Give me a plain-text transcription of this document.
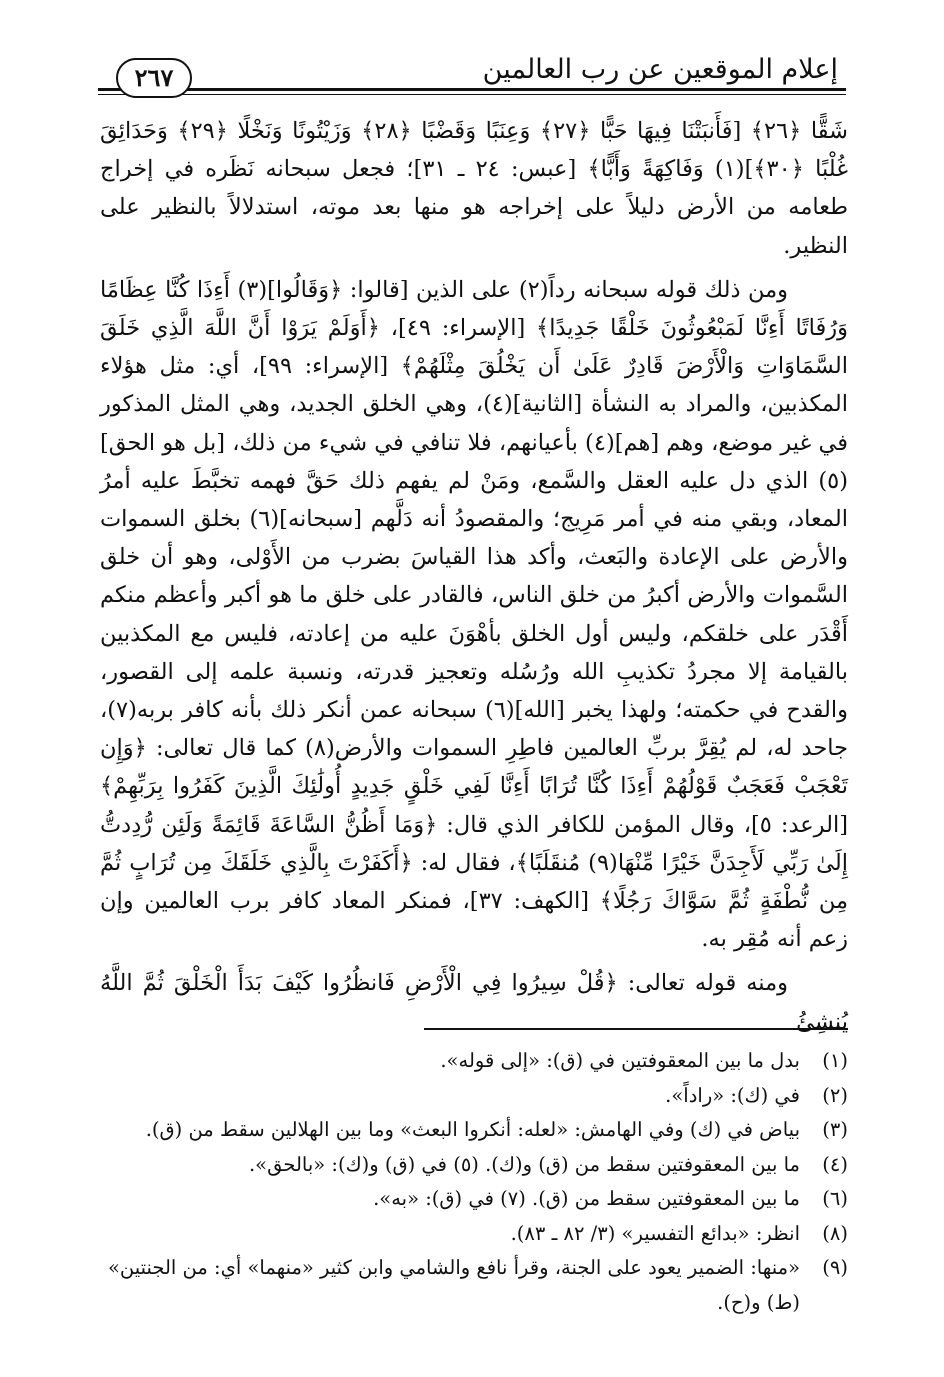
إعلام الموقعين عن رب العالمين
٢٦٧

شَقًّا ﴿٢٦﴾ [فَأَنبَتْنَا فِيهَا حَبًّا ﴿٢٧﴾ وَعِنَبًا وَقَضْبًا ﴿٢٨﴾ وَزَيْتُونًا وَنَخْلًا ﴿٢٩﴾ وَحَدَائِقَ غُلْبًا ﴿٣٠﴾](١) وَفَاكِهَةً وَأَبًّا﴾ [عبس: ٢٤ ـ ٣١]؛ فجعل سبحانه نَظَره في إخراج طعامه من الأرض دليلاً على إخراجه هو منها بعد موته، استدلالاً بالنظير على النظير.

ومن ذلك قوله سبحانه رداً(٢) على الذين [قالوا: ﴿وَقَالُوا](٣) أَءِذَا كُنَّا عِظَامًا وَرُفَاتًا أَءِنَّا لَمَبْعُوثُونَ خَلْقًا جَدِيدًا﴾ [الإسراء: ٤٩]، ﴿أَوَلَمْ يَرَوْا أَنَّ اللَّهَ الَّذِي خَلَقَ السَّمَاوَاتِ وَالْأَرْضَ قَادِرٌ عَلَىٰ أَن يَخْلُقَ مِثْلَهُمْ﴾ [الإسراء: ٩٩]، أي: مثل هؤلاء المكذبين، والمراد به النشأة [الثانية](٤)، وهي الخلق الجديد، وهي المثل المذكور في غير موضع، وهم [هم](٤) بأعيانهم، فلا تنافي في شيء من ذلك، [بل هو الحق](٥) الذي دل عليه العقل والسَّمع، ومَنْ لم يفهم ذلك حَقَّ فهمه تخبَّطَ عليه أمرُ المعاد، وبقي منه في أمر مَرِيج؛ والمقصودُ أنه دَلَّهم [سبحانه](٦) بخلق السموات والأرض على الإعادة والبَعث، وأكد هذا القياسَ بضرب من الأَوْلى، وهو أن خلق السَّموات والأرض أكبرُ من خلق الناس، فالقادر على خلق ما هو أكبر وأعظم منكم أَقْدَر على خلقكم، وليس أول الخلق بأهْوَنَ عليه من إعادته، فليس مع المكذبين بالقيامة إلا مجردُ تكذيبِ الله ورُسُله وتعجيز قدرته، ونسبة علمه إلى القصور، والقدح في حكمته؛ ولهذا يخبر [الله](٦) سبحانه عمن أنكر ذلك بأنه كافر بربه(٧)، جاحد له، لم يُقِرَّ بربِّ العالمين فاطِرِ السموات والأرض(٨) كما قال تعالى: ﴿وَإِن تَعْجَبْ فَعَجَبٌ قَوْلُهُمْ أَءِذَا كُنَّا تُرَابًا أَءِنَّا لَفِي خَلْقٍ جَدِيدٍ أُولَٰئِكَ الَّذِينَ كَفَرُوا بِرَبِّهِمْ﴾ [الرعد: ٥]، وقال المؤمن للكافر الذي قال: ﴿وَمَا أَظُنُّ السَّاعَةَ قَائِمَةً وَلَئِن رُّدِدتُّ إِلَىٰ رَبِّي لَأَجِدَنَّ خَيْرًا مِّنْهَا(٩) مُنقَلَبًا﴾، فقال له: ﴿أَكَفَرْتَ بِالَّذِي خَلَقَكَ مِن تُرَابٍ ثُمَّ مِن نُّطْفَةٍ ثُمَّ سَوَّاكَ رَجُلًا﴾ [الكهف: ٣٧]، فمنكر المعاد كافر برب العالمين وإن زعم أنه مُقِر به.

ومنه قوله تعالى: ﴿قُلْ سِيرُوا فِي الْأَرْضِ فَانظُرُوا كَيْفَ بَدَأَ الْخَلْقَ ثُمَّ اللَّهُ يُنشِئُ

(١)
بدل ما بين المعقوفتين في (ق): «إلى قوله».
(٢)
في (ك): «راداً».
(٣)
بياض في (ك) وفي الهامش: «لعله: أنكروا البعث» وما بين الهلالين سقط من (ق).
(٤)
ما بين المعقوفتين سقط من (ق) و(ك). (٥) في (ق) و(ك): «بالحق».
(٦)
ما بين المعقوفتين سقط من (ق). (٧) في (ق): «به».
(٨)
انظر: «بدائع التفسير» (٣/ ٨٢ ـ ٨٣).
(٩)
«منها: الضمير يعود على الجنة، وقرأ نافع والشامي وابن كثير «منهما» أي: من الجنتين» (ط) و(ح).
